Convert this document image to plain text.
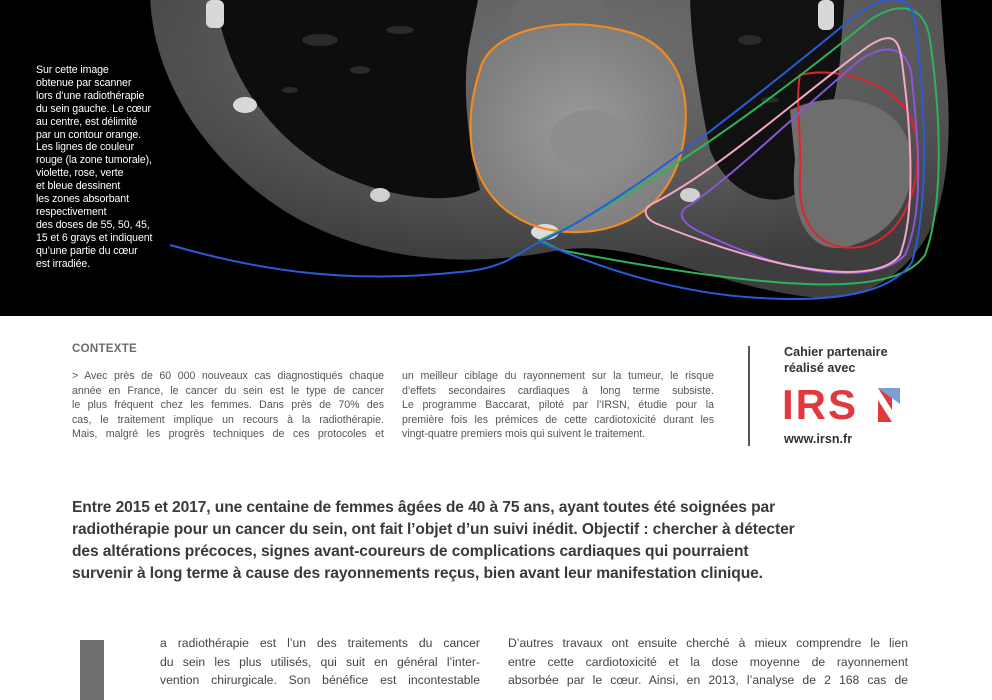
Sur cette image
obtenue par scanner
lors d’une radiothérapie
du sein gauche. Le cœur
au centre, est délimité
par un contour orange.
Les lignes de couleur
rouge (la zone tumorale),
violette, rose, verte
et bleue dessinent
les zones absorbant
respectivement
des doses de 55, 50, 45,
15 et 6 grays et indiquent
qu’une partie du cœur
est irradiée.
CONTEXTE
> Avec près de 60 000 nouveaux cas diagnostiqués chaque
année en France, le cancer du sein est le type de cancer
le plus fréquent chez les femmes. Dans près de 70% des
cas, le traitement implique un recours à la radiothérapie.
Mais, malgré les progrès techniques de ces protocoles et
un meilleur ciblage du rayonnement sur la tumeur, le risque
d’effets secondaires cardiaques à long terme subsiste.
Le programme Baccarat, piloté par l’IRSN, étudie pour la
première fois les prémices de cette cardiotoxicité durant les
vingt-quatre premiers mois qui suivent le traitement.
Cahier partenaire
réalisé avec
IRS
www.irsn.fr
Entre 2015 et 2017, une centaine de femmes âgées de 40 à 75 ans, ayant toutes été soignées par
radiothérapie pour un cancer du sein, ont fait l’objet d’un suivi inédit. Objectif : chercher à détecter
des altérations précoces, signes avant-coureurs de complications cardiaques qui pourraient
survenir à long terme à cause des rayonnements reçus, bien avant leur manifestation clinique.
a radiothérapie est l’un des traitements du cancer
du sein les plus utilisés, qui suit en général l’inter-
vention chirurgicale. Son bénéfice est incontestable
D’autres travaux ont ensuite cherché à mieux comprendre le lien
entre cette cardiotoxicité et la dose moyenne de rayonnement
absorbée par le cœur. Ainsi, en 2013, l’analyse de 2 168 cas de
